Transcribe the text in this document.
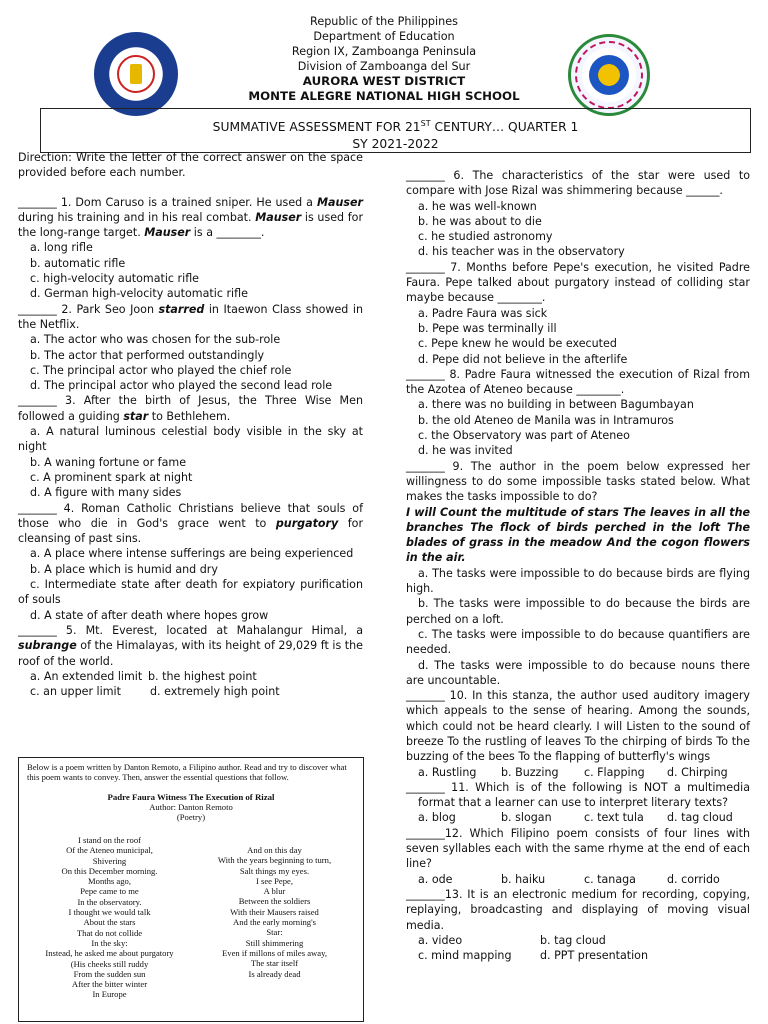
Republic of the Philippines
Department of Education
Region IX, Zamboanga Peninsula
Division of Zamboanga del Sur
AURORA WEST DISTRICT
MONTE ALEGRE NATIONAL HIGH SCHOOL
SUMMATIVE ASSESSMENT FOR 21ST CENTURY… QUARTER 1
SY 2021-2022

Direction: Write the letter of the correct answer on the space provided before each number.

_______ 1. Dom Caruso is a trained sniper. He used a Mauser during his training and in his real combat. Mauser is used for the long-range target. Mauser is a ________.

a. long rifle

b. automatic rifle

c. high-velocity automatic rifle

d. German high-velocity automatic rifle

_______ 2. Park Seo Joon starred in Itaewon Class showed in the Netflix.

a. The actor who was chosen for the sub-role

b. The actor that performed outstandingly

c. The principal actor who played the chief role

d. The principal actor who played the second lead role

_______ 3. After the birth of Jesus, the Three Wise Men followed a guiding star to Bethlehem.

a. A natural luminous celestial body visible in the sky at night

b. A waning fortune or fame

c. A prominent spark at night

d. A figure with many sides

_______ 4. Roman Catholic Christians believe that souls of those who die in God's grace went to purgatory for cleansing of past sins.

a. A place where intense sufferings are being experienced

b. A place which is humid and dry

c. Intermediate state after death for expiatory purification of souls

d. A state of after death where hopes grow

_______ 5. Mt. Everest, located at Mahalangur Himal, a subrange of the Himalayas, with its height of 29,029 ft is the roof of the world.

a. An extended limit b. the highest point
c. an upper limit	d. extremely high point

Below is a poem written by Danton Remoto, a Filipino author. Read and try to discover what this poem wants to convey. Then, answer the essential questions that follow.

Padre Faura Witness The Execution of Rizal

Author: Danton Remoto

(Poetry)

I stand on the roof
Of the Ateneo municipal,
Shivering
On this December morning.
Months ago,
Pepe came to me
In the observatory.
I thought we would talk
About the stars
That do not collide
In the sky:
Instead, he asked me about purgatory
(His cheeks still ruddy
From the sudden sun
After the bitter winter
In Europe
And on this day
With the years beginning to turn,
Salt things my eyes.
I see Pepe,
A blur
Between the soldiers
With their Mausers raised
And the early morning's
Star:
Still shimmering
Even if millons of miles away,
The star itself
Is already dead

_______ 6. The characteristics of the star were used to compare with Jose Rizal was shimmering because ______.

a. he was well-known

b. he was about to die

c. he studied astronomy

d. his teacher was in the observatory

_______ 7. Months before Pepe's execution, he visited Padre Faura. Pepe talked about purgatory instead of colliding star maybe because ________.

a. Padre Faura was sick

b. Pepe was terminally ill

c. Pepe knew he would be executed

d. Pepe did not believe in the afterlife

_______ 8. Padre Faura witnessed the execution of Rizal from the Azotea of Ateneo because ________.

a. there was no building in between Bagumbayan

b. the old Ateneo de Manila was in Intramuros

c. the Observatory was part of Ateneo

d. he was invited

_______ 9. The author in the poem below expressed her willingness to do some impossible tasks stated below. What makes the tasks impossible to do?

I will Count the multitude of stars The leaves in all the branches The flock of birds perched in the loft The blades of grass in the meadow And the cogon flowers in the air.

a. The tasks were impossible to do because birds are flying high.

b. The tasks were impossible to do because the birds are perched on a loft.

c. The tasks were impossible to do because quantifiers are needed.

d. The tasks were impossible to do because nouns there are uncountable.

_______ 10. In this stanza, the author used auditory imagery which appeals to the sense of hearing. Among the sounds, which could not be heard clearly. I will Listen to the sound of breeze To the rustling of leaves To the chirping of birds To the buzzing of the bees To the flapping of butterfly's wings

a. Rustling	b. Buzzing	c. Flapping	d. Chirping

_______ 11. Which is of the following is NOT a multimedia format that a learner can use to interpret literary texts?

a. blog	b. slogan	c. text tula	d. tag cloud

_______12. Which Filipino poem consists of four lines with seven syllables each with the same rhyme at the end of each line?

a. ode	b. haiku	c. tanaga	d. corrido

_______13. It is an electronic medium for recording, copying, replaying, broadcasting and displaying of moving visual media.

a. video	b. tag cloud
c. mind mapping	d. PPT presentation
